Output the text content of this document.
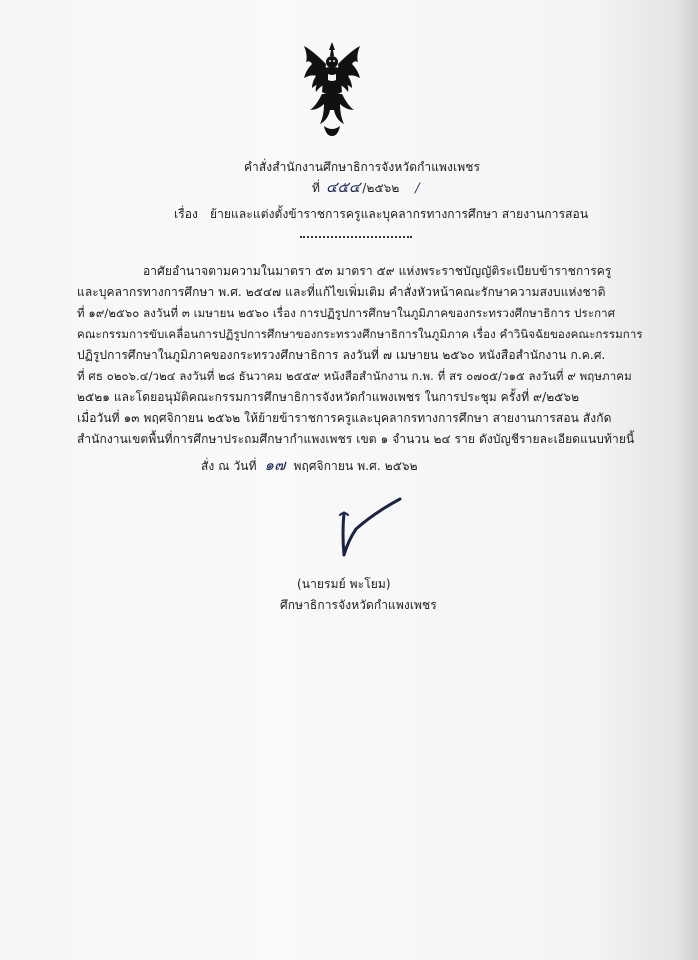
คำสั่งสำนักงานศึกษาธิการจังหวัดกำแพงเพชร
ที่ ๔๕๔ /๒๕๖๒ /
เรื่อง ย้ายและแต่งตั้งข้าราชการครูและบุคลากรทางการศึกษา สายงานการสอน
อาศัยอำนาจตามความในมาตรา ๕๓ มาตรา ๕๙ แห่งพระราชบัญญัติระเบียบข้าราชการครู
และบุคลากรทางการศึกษา พ.ศ. ๒๕๔๗ และที่แก้ไขเพิ่มเติม คำสั่งหัวหน้าคณะรักษาความสงบแห่งชาติ
ที่ ๑๙/๒๕๖๐ ลงวันที่ ๓ เมษายน ๒๕๖๐ เรื่อง การปฏิรูปการศึกษาในภูมิภาคของกระทรวงศึกษาธิการ ประกาศ
คณะกรรมการขับเคลื่อนการปฏิรูปการศึกษาของกระทรวงศึกษาธิการในภูมิภาค เรื่อง คำวินิจฉัยของคณะกรรมการ
ปฏิรูปการศึกษาในภูมิภาคของกระทรวงศึกษาธิการ ลงวันที่ ๗ เมษายน ๒๕๖๐ หนังสือสำนักงาน ก.ค.ศ.
ที่ ศธ ๐๒๐๖.๔/ว๒๔ ลงวันที่ ๒๘ ธันวาคม ๒๕๕๙ หนังสือสำนักงาน ก.พ. ที่ สร ๐๗๐๕/ว๑๕ ลงวันที่ ๙ พฤษภาคม
๒๕๒๑ และโดยอนุมัติคณะกรรมการศึกษาธิการจังหวัดกำแพงเพชร ในการประชุม ครั้งที่ ๙/๒๕๖๒
เมื่อวันที่ ๑๓ พฤศจิกายน ๒๕๖๒ ให้ย้ายข้าราชการครูและบุคลากรทางการศึกษา สายงานการสอน สังกัด
สำนักงานเขตพื้นที่การศึกษาประถมศึกษากำแพงเพชร เขต ๑ จำนวน ๒๔ ราย ดังบัญชีรายละเอียดแนบท้ายนี้
สั่ง ณ วันที่ ๑๗ พฤศจิกายน พ.ศ. ๒๕๖๒
(นายรมย์ พะโยม)
ศึกษาธิการจังหวัดกำแพงเพชร
